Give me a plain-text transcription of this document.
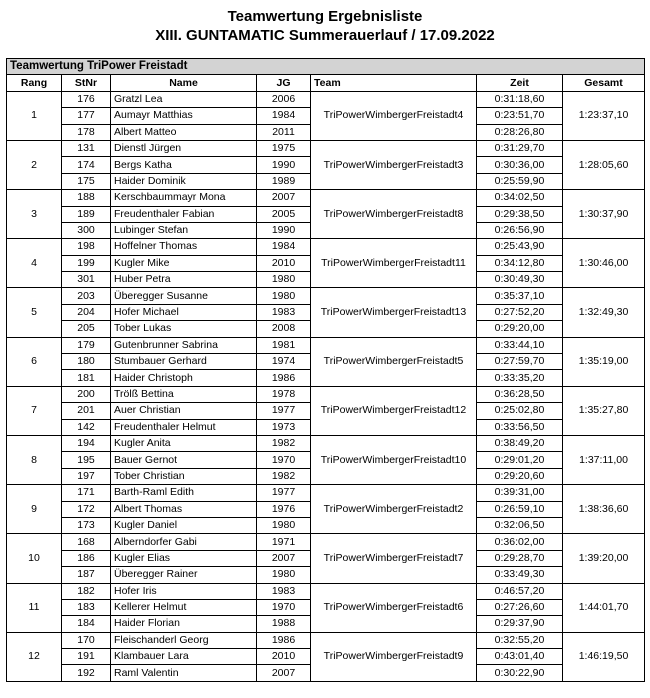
Teamwertung Ergebnisliste
XIII. GUNTAMATIC Summerauerlauf / 17.09.2022
Teamwertung TriPower Freistadt						
Rang	StNr	Name	JG	Team	Zeit	Gesamt
1	176	Gratzl Lea	2006	TriPowerWimbergerFreistadt4	0:31:18,60	1:23:37,10
	177	Aumayr Matthias	1984		0:23:51,70	
	178	Albert Matteo	2011		0:28:26,80	
2	131	Dienstl Jürgen	1975	TriPowerWimbergerFreistadt3	0:31:29,70	1:28:05,60
	174	Bergs Katha	1990		0:30:36,00	
	175	Haider Dominik	1989		0:25:59,90	
3	188	Kerschbaummayr Mona	2007	TriPowerWimbergerFreistadt8	0:34:02,50	1:30:37,90
	189	Freudenthaler Fabian	2005		0:29:38,50	
	300	Lubinger Stefan	1990		0:26:56,90	
4	198	Hoffelner Thomas	1984	TriPowerWimbergerFreistadt11	0:25:43,90	1:30:46,00
	199	Kugler Mike	2010		0:34:12,80	
	301	Huber Petra	1980		0:30:49,30	
5	203	Überegger Susanne	1980	TriPowerWimbergerFreistadt13	0:35:37,10	1:32:49,30
	204	Hofer Michael	1983		0:27:52,20	
	205	Tober Lukas	2008		0:29:20,00	
6	179	Gutenbrunner Sabrina	1981	TriPowerWimbergerFreistadt5	0:33:44,10	1:35:19,00
	180	Stumbauer Gerhard	1974		0:27:59,70	
	181	Haider Christoph	1986		0:33:35,20	
7	200	Trölß Bettina	1978	TriPowerWimbergerFreistadt12	0:36:28,50	1:35:27,80
	201	Auer Christian	1977		0:25:02,80	
	142	Freudenthaler Helmut	1973		0:33:56,50	
8	194	Kugler Anita	1982	TriPowerWimbergerFreistadt10	0:38:49,20	1:37:11,00
	195	Bauer Gernot	1970		0:29:01,20	
	197	Tober Christian	1982		0:29:20,60	
9	171	Barth-Raml Edith	1977	TriPowerWimbergerFreistadt2	0:39:31,00	1:38:36,60
	172	Albert Thomas	1976		0:26:59,10	
	173	Kugler Daniel	1980		0:32:06,50	
10	168	Alberndorfer Gabi	1971	TriPowerWimbergerFreistadt7	0:36:02,00	1:39:20,00
	186	Kugler Elias	2007		0:29:28,70	
	187	Überegger Rainer	1980		0:33:49,30	
11	182	Hofer Iris	1983	TriPowerWimbergerFreistadt6	0:46:57,20	1:44:01,70
	183	Kellerer Helmut	1970		0:27:26,60	
	184	Haider Florian	1988		0:29:37,90	
12	170	Fleischanderl Georg	1986	TriPowerWimbergerFreistadt9	0:32:55,20	1:46:19,50
	191	Klambauer Lara	2010		0:43:01,40	
	192	Raml Valentin	2007		0:30:22,90	
